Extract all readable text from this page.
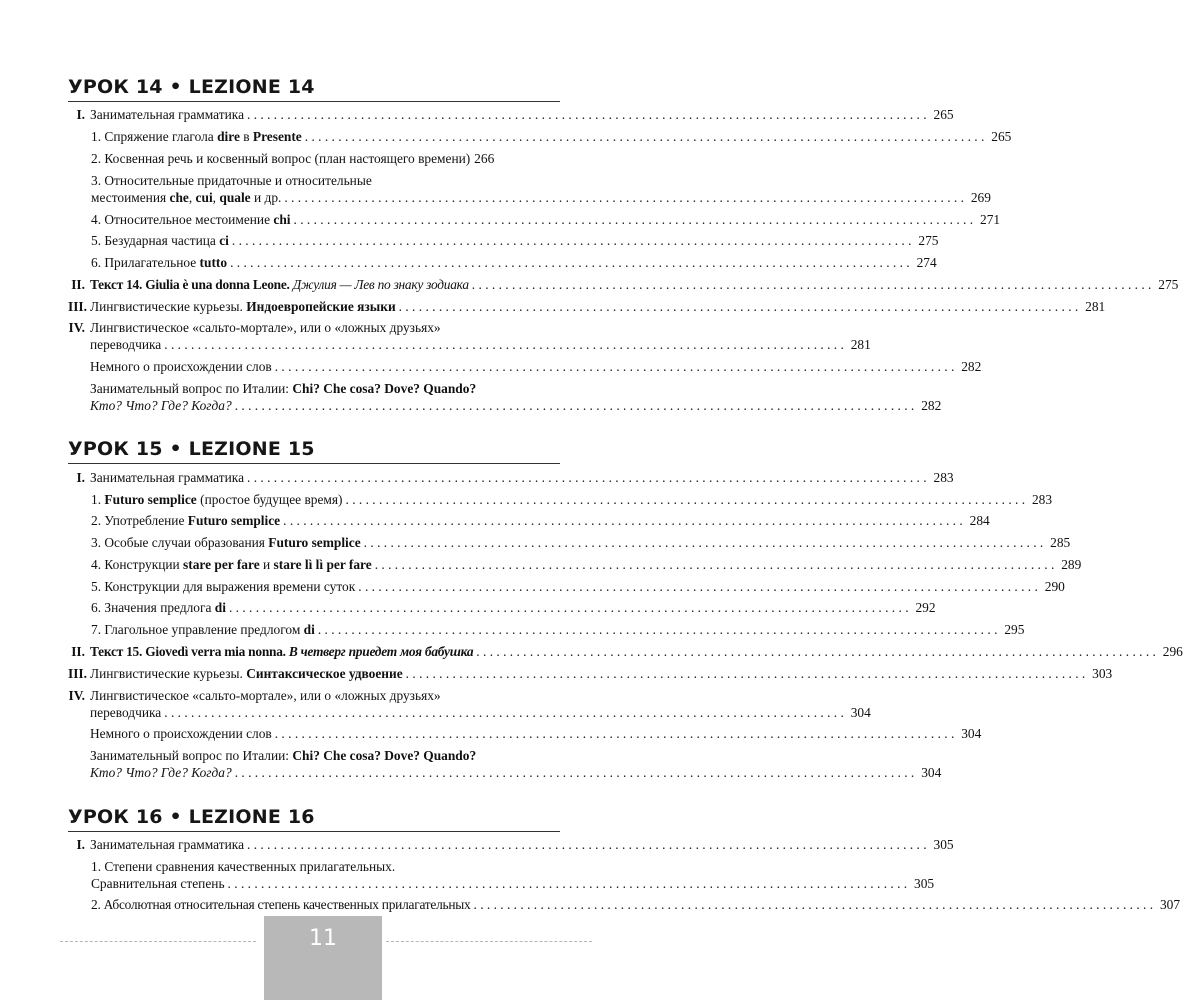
УРОК 14 • LEZIONE 14
I. Занимательная грамматика . . .	265
1. Спряжение глагола dire в Presente . . .	265
2. Косвенная речь и косвенный вопрос (план настоящего времени) 266
3. Относительные придаточные и относительные
местоимения che, cui, quale и др. . . .	269
4. Относительное местоимение chi . . .	271
5. Безударная частица ci . . .	275
6. Прилагательное tutto . . .	274
II. Текст 14. Giulia è una donna Leone. Джулия — Лев по знаку зодиака . . .	275
III. Лингвистические курьезы. Индоевропейские языки . . .	281
IV. Лингвистическое «сальто-мортале», или о «ложных друзьях»
переводчика . . .	281
Немного о происхождении слов . . .	282
Занимательный вопрос по Италии: Chi? Che cosa? Dove? Quando?
Кто? Что? Где? Когда? . . .	282
УРОК 15 • LEZIONE 15
I. Занимательная грамматика . . .	283
1. Futuro semplice (простое будущее время) . . .	283
2. Употребление Futuro semplice . . .	284
3. Особые случаи образования Futuro semplice . . .	285
4. Конструкции stare per fare и stare lì lì per fare . . .	289
5. Конструкции для выражения времени суток . . .	290
6. Значения предлога di . . .	292
7. Глагольное управление предлогом di . . .	295
II. Текст 15. Giovedì verra mia nonna. В четверг приедет моя бабушка . . .	296
III. Лингвистические курьезы. Синтаксическое удвоение . . .	303
IV. Лингвистическое «сальто-мортале», или о «ложных друзьях»
переводчика . . .	304
Немного о происхождении слов . . .	304
Занимательный вопрос по Италии: Chi? Che cosa? Dove? Quando?
Кто? Что? Где? Когда? . . .	304
УРОК 16 • LEZIONE 16
I. Занимательная грамматика . . .	305
1. Степени сравнения качественных прилагательных.
Сравнительная степень . . .	305
2. Абсолютная относительная степень качественных прилагательных . . .	307
11
